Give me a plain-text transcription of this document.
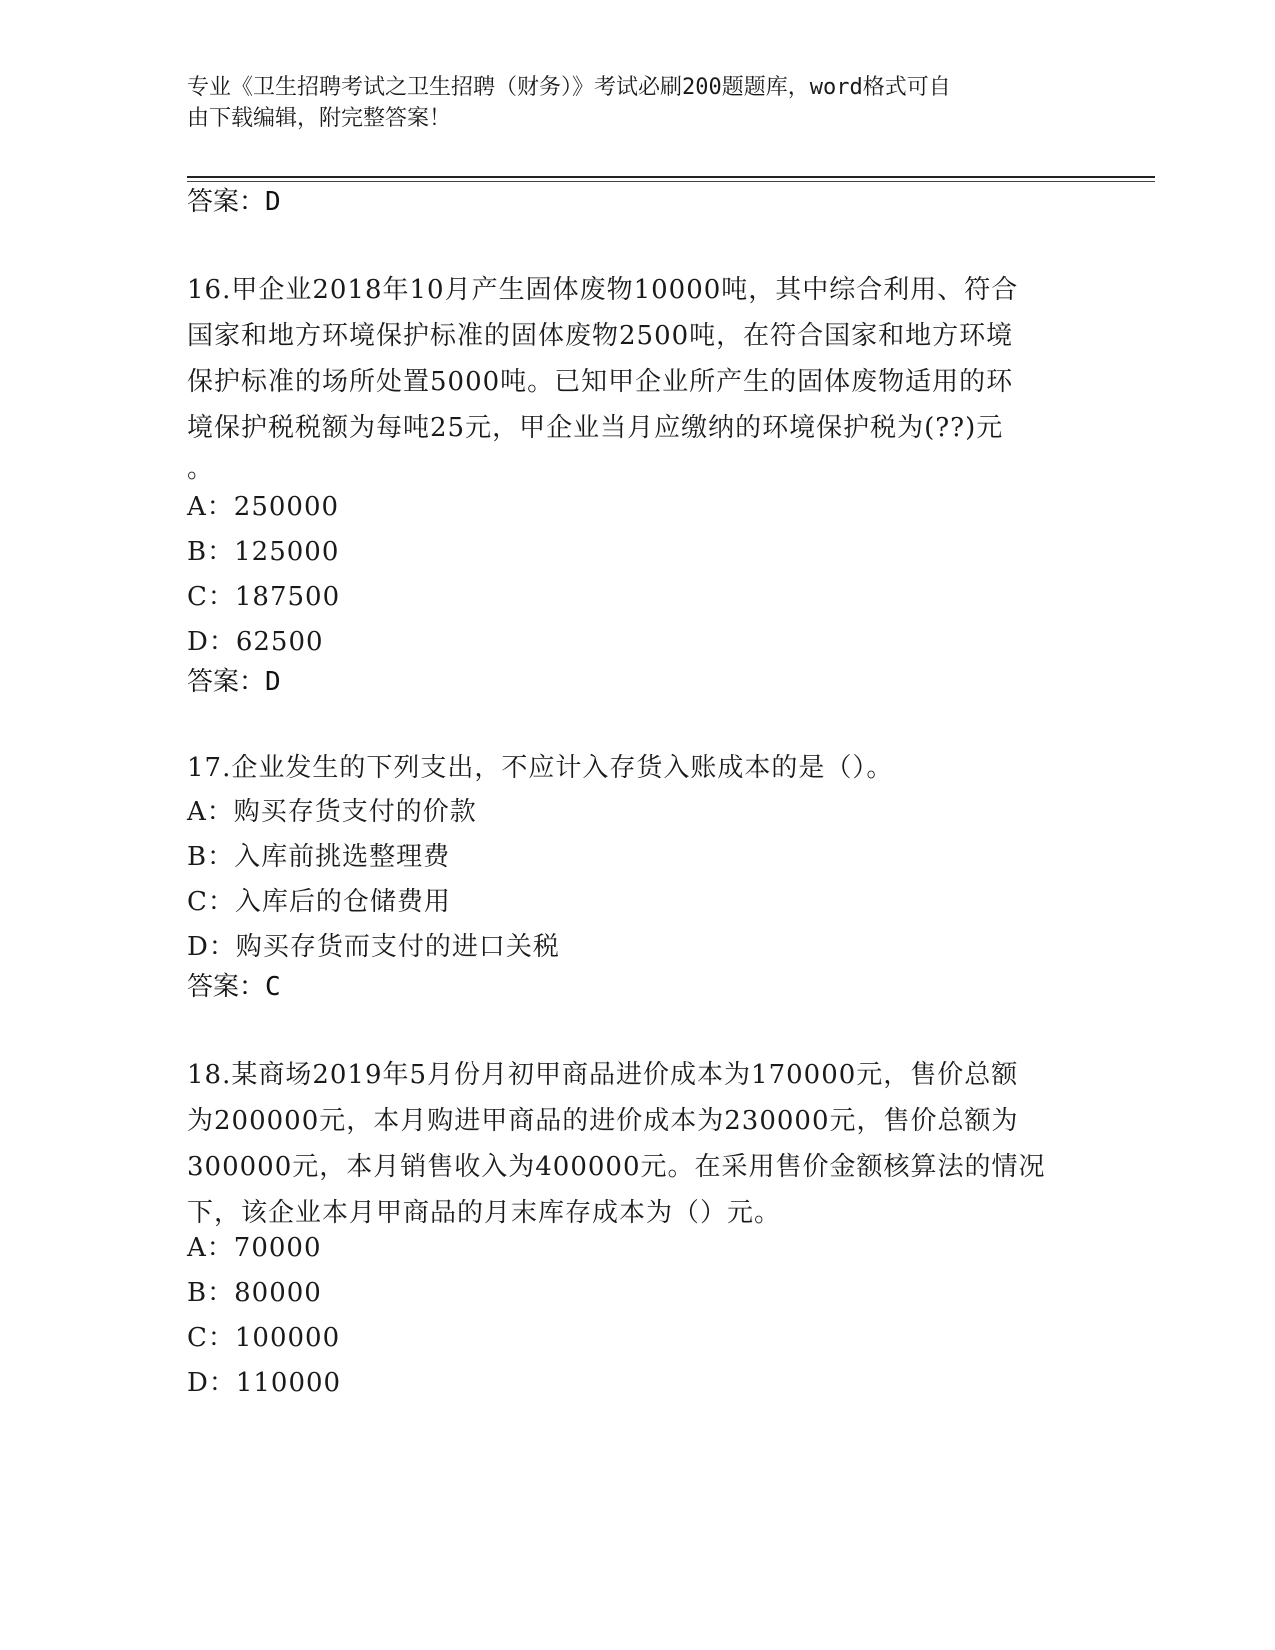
专业《卫生招聘考试之卫生招聘（财务）》考试必刷200题题库，word格式可自
由下载编辑，附完整答案！

答案：D

16.甲企业2018年10月产生固体废物10000吨，其中综合利用、符合
国家和地方环境保护标准的固体废物2500吨，在符合国家和地方环境
保护标准的场所处置5000吨。已知甲企业所产生的固体废物适用的环
境保护税税额为每吨25元，甲企业当月应缴纳的环境保护税为(??)元
。
A：250000
B：125000
C：187500
D：62500

答案：D

17.企业发生的下列支出，不应计入存货入账成本的是（）。
A：购买存货支付的价款
B：入库前挑选整理费
C：入库后的仓储费用
D：购买存货而支付的进口关税

答案：C

18.某商场2019年5月份月初甲商品进价成本为170000元，售价总额
为200000元，本月购进甲商品的进价成本为230000元，售价总额为
300000元，本月销售收入为400000元。在采用售价金额核算法的情况
下，该企业本月甲商品的月末库存成本为（）元。
A：70000
B：80000
C：100000
D：110000
